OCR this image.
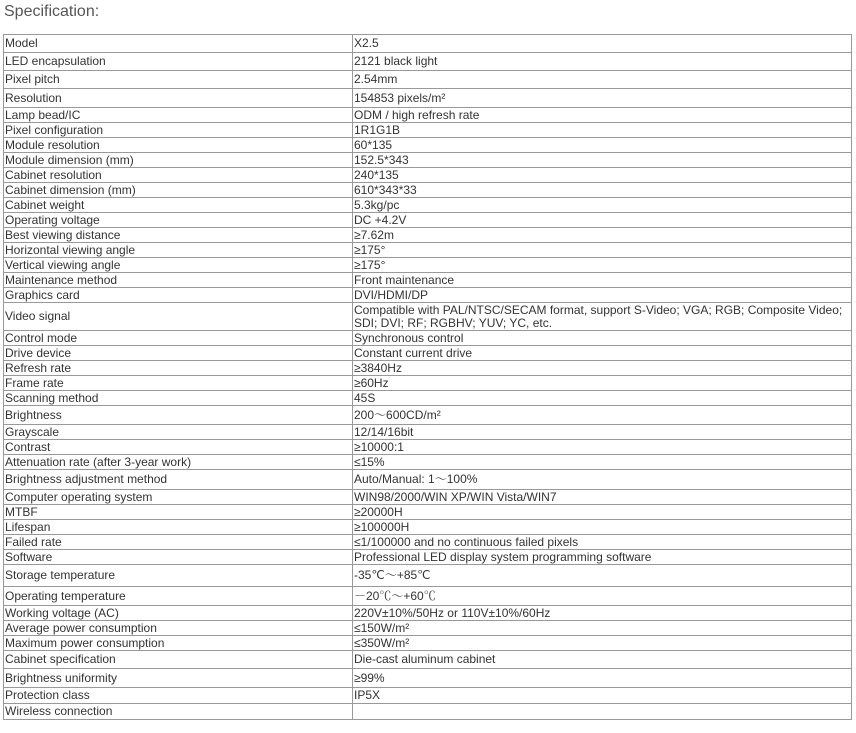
Specification:
Model	X2.5
LED encapsulation	2121 black light
Pixel pitch	2.54mm
Resolution	154853 pixels/m²
Lamp bead/IC	ODM / high refresh rate
Pixel configuration	1R1G1B
Module resolution	60*135
Module dimension (mm)	152.5*343
Cabinet resolution	240*135
Cabinet dimension (mm)	610*343*33
Cabinet weight	5.3kg/pc
Operating voltage	DC +4.2V
Best viewing distance	≥7.62m
Horizontal viewing angle	≥175°
Vertical viewing angle	≥175°
Maintenance method	Front maintenance
Graphics card	DVI/HDMI/DP
Video signal	Compatible with PAL/NTSC/SECAM format, support S-Video; VGA; RGB; Composite Video; SDI; DVI; RF; RGBHV; YUV; YC, etc.
Control mode	Synchronous control
Drive device	Constant current drive
Refresh rate	≥3840Hz
Frame rate	≥60Hz
Scanning method	45S
Brightness	200～600CD/m²
Grayscale	12/14/16bit
Contrast	≥10000:1
Attenuation rate (after 3-year work)	≤15%
Brightness adjustment method	Auto/Manual: 1～100%
Computer operating system	WIN98/2000/WIN XP/WIN Vista/WIN7
MTBF	≥20000H
Lifespan	≥100000H
Failed rate	≤1/100000 and no continuous failed pixels
Software	Professional LED display system programming software
Storage temperature	-35℃～+85℃
Operating temperature	－20℃～+60℃
Working voltage (AC)	220V±10%/50Hz or 110V±10%/60Hz
Average power consumption	≤150W/m²
Maximum power consumption	≤350W/m²
Cabinet specification	Die-cast aluminum cabinet
Brightness uniformity	≥99%
Protection class	IP5X
Wireless connection	
